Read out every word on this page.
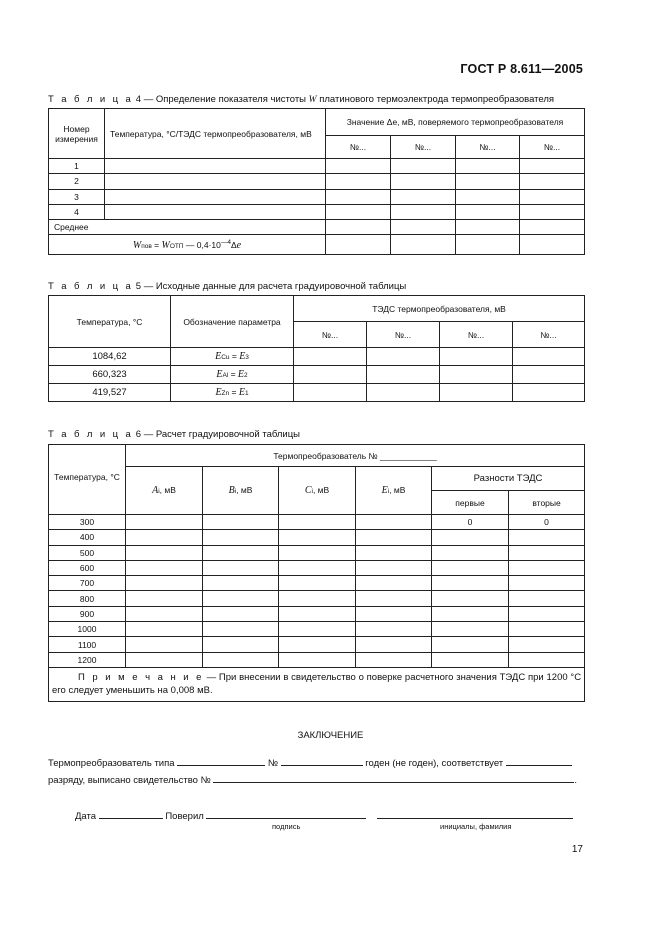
ГОСТ Р 8.611—2005
Т а б л и ц а 4 — Определение показателя чистоты W платинового термоэлектрода термопреобразователя
Номер измерения	Температура, °С/ТЭДС термопреобразователя, мВ	Значение Δe, мВ, поверяемого термопреобразователя			
		№...	№...	№...	№...
1					
2					
3					
4					
Среднее					
Wпов = WОТП — $0,4\cdot 10^{—4}\Delta e$					
Т а б л и ц а 5 — Исходные данные для расчета градуировочной таблицы
Температура, °С	Обозначение параметра	ТЭДС термопреобразователя, мВ			
		№...	№...	№...	№...
1084,62	ECu = E3				
660,323	EAl = E2				
419,527	EZn = E1				
Т а б л и ц а 6 — Расчет градуировочной таблицы
Температура, °С	Термопреобразователь № ____________					
	Ai, мВ	Bi, мВ	Ci, мВ	Ei, мВ	Разности ТЭДС	
					первые	вторые
300					0	0
400						
500						
600						
700						
800						
900						
1000						
1100						
1200						
П р и м е ч а н и е — При внесении в свидетельство о поверке расчетного значения ТЭДС при 1200 °С его следует уменьшить на 0,008 мВ.						
ЗАКЛЮЧЕНИЕ
Термопреобразователь типа	№	годен (не годен), соответствует
разряду, выписано свидетельство №	.
Дата	Поверил
подпись	инициалы, фамилия
17
